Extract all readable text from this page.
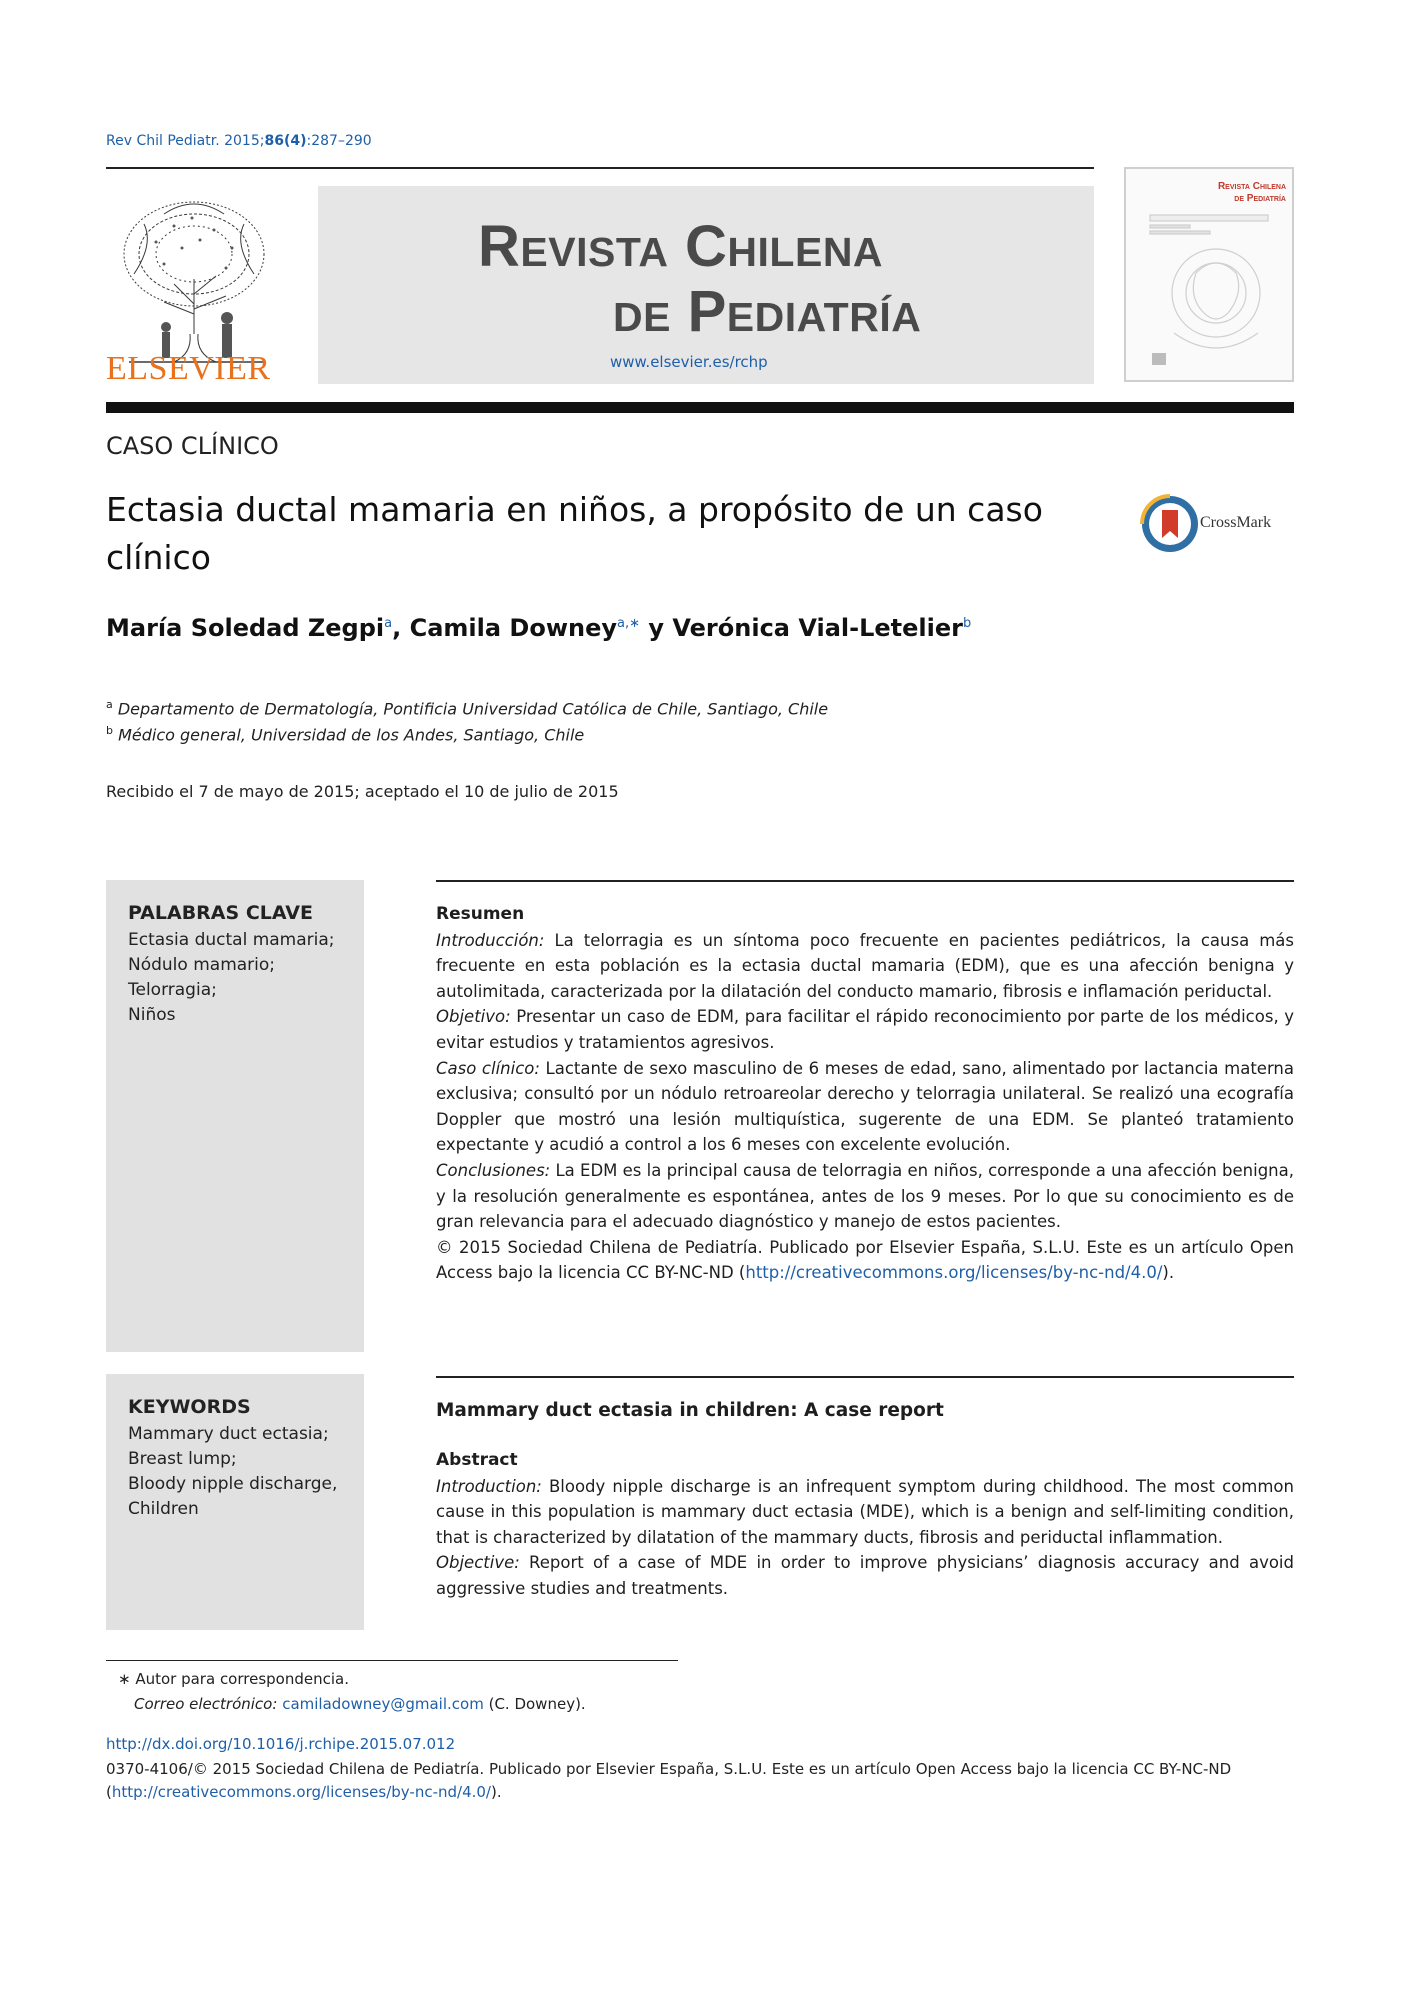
Rev Chil Pediatr. 2015;86(4):287–290
ELSEVIER
Revista Chilena
de Pediatría
www.elsevier.es/rchp
Revista Chilena
de Pediatría
CASO CLÍNICO
Ectasia ductal mamaria en niños, a propósito de un caso clínico
CrossMark
María Soledad Zegpi$^a$, Camila Downey$^{a,∗}$ y Verónica Vial-Letelier$^b$
$^a$ Departamento de Dermatología, Pontificia Universidad Católica de Chile, Santiago, Chile
$^b$ Médico general, Universidad de los Andes, Santiago, Chile
Recibido el 7 de mayo de 2015; aceptado el 10 de julio de 2015
PALABRAS CLAVE
Ectasia ductal mamaria;
Nódulo mamario;
Telorragia;
Niños
KEYWORDS
Mammary duct ectasia;
Breast lump;
Bloody nipple discharge, Children

Resumen

Introducción: La telorragia es un síntoma poco frecuente en pacientes pediátricos, la causa más frecuente en esta población es la ectasia ductal mamaria (EDM), que es una afección benigna y autolimitada, caracterizada por la dilatación del conducto mamario, fibrosis e inflamación periductal.

Objetivo: Presentar un caso de EDM, para facilitar el rápido reconocimiento por parte de los médicos, y evitar estudios y tratamientos agresivos.

Caso clínico: Lactante de sexo masculino de 6 meses de edad, sano, alimentado por lactancia materna exclusiva; consultó por un nódulo retroareolar derecho y telorragia unilateral. Se realizó una ecografía Doppler que mostró una lesión multiquística, sugerente de una EDM. Se planteó tratamiento expectante y acudió a control a los 6 meses con excelente evolución.

Conclusiones: La EDM es la principal causa de telorragia en niños, corresponde a una afección benigna, y la resolución generalmente es espontánea, antes de los 9 meses. Por lo que su conocimiento es de gran relevancia para el adecuado diagnóstico y manejo de estos pacientes.

© 2015 Sociedad Chilena de Pediatría. Publicado por Elsevier España, S.L.U. Este es un artículo Open Access bajo la licencia CC BY-NC-ND (http://creativecommons.org/licenses/by-nc-nd/4.0/).

Mammary duct ectasia in children: A case report

Abstract

Introduction: Bloody nipple discharge is an infrequent symptom during childhood. The most common cause in this population is mammary duct ectasia (MDE), which is a benign and self-limiting condition, that is characterized by dilatation of the mammary ducts, fibrosis and periductal inflammation.

Objective: Report of a case of MDE in order to improve physicians’ diagnosis accuracy and avoid aggressive studies and treatments.

∗ Autor para correspondencia.
Correo electrónico: camiladowney@gmail.com (C. Downey).
http://dx.doi.org/10.1016/j.rchipe.2015.07.012
0370-4106/© 2015 Sociedad Chilena de Pediatría. Publicado por Elsevier España, S.L.U. Este es un artículo Open Access bajo la licencia CC BY-NC-ND (http://creativecommons.org/licenses/by-nc-nd/4.0/).
